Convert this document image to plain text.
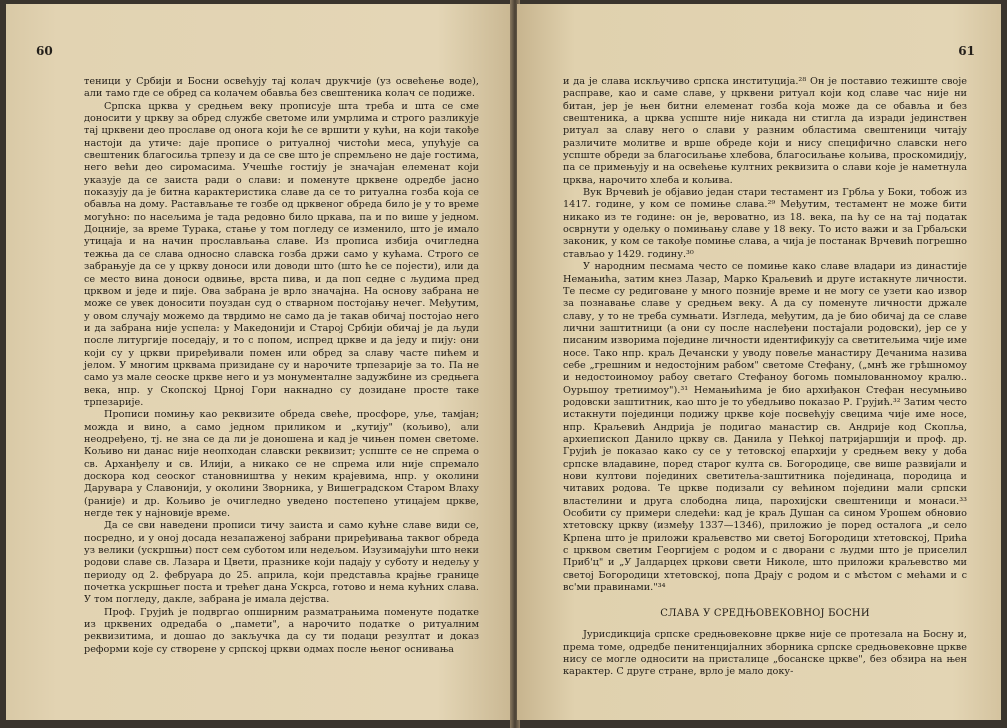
60

теници у Србији и Босни освећују тај колач друкчије (уз освећење водe), али тамо где се обред са колачем обавља без свештеника колач се подиже.

Српска црква у средњем веку прописује шта треба и шта се сме доносити у цркву за обред службе светоме или умрлима и строго разликује тај црквени део прославе од онога који ће се вршити у кући, на који такође настоји да утиче: даје прописе о ритуалној чистоћи меса, упућује са свештеник благосиља трпезу и да се све што је спремљено не даје гостима, него већи део сиромасима. Учешће гостију је значајан елеменат који указује да се заиста ради о слави: и поменуте црквене одредбе јасно показују да је битна карактеристика славе да се то ритуална гозба која се обавља на дому. Растављање те гозбе од црквеног обреда било је у то време могућно: по насељима је тада редовно било цркава, па и по више у једном. Доцније, за време Турака, стање у том погледу се изменило, што је имало утицаја и на начин прослављања славе. Из прописа избија очигледна тежња да се слава односно славска гозба држи само у кућама. Строго се забрањује да се у цркву доноси или доводи што (што ће се појести), или да се место вина доноси одвиње, врста пива, и да поп седне с људима пред црквом и једе и пије. Ова забрана је врло значајна. На основу забрана не може се увек доносити поуздан суд о стварном постојању нечег. Међутим, у овом случају можемо да тврдимо не само да је такав обичај постојао него и да забрана није успела: у Македонији и Старој Србији обичај је да људи после литургије поседају, и то с попом, испред цркве и да једу и пију: они који су у цркви приређивали помен или обред за славу часте пићем и јелом. У многим црквама призидане су и нарочите трпезарије за то. Па не само уз мале сеоске цркве него и уз монументалне задужбине из средњега века, нпр. у Скопској Црној Гори накнадно су дозидане просте таке трпезарије.

Прописи помињу као реквизите обреда свеће, просфоре, уље, тамјан; можда и вино, а само једном приликом и „кутију" (кољиво), али неодређено, тј. не зна се да ли је доношена и кад је чињен помен светоме. Кољиво ни данас није неопходан славски реквизит; успште се не спрема о св. Арханђелу и св. Илији, а никако се не спрема или није спремало доскора код сеоског становништва у неким крајевима, нпр. у околини Дарувара у Славонији, у околини Зворника, у Вишеградском Старом Влаху (раније) и др. Кољиво је очигледно уведено постепено утицајем цркве, негде тек у најновије време.

Да се сви наведени прописи тичу заиста и само кућне славе види се, посредно, и у оној досада незапаженој забрани приређивања таквог обреда уз велики (ускршњи) пост сем суботом или недељом. Изузимајући што неки родови славе св. Лазара и Цвети, празнике који падају у суботу и недељу у периоду од 2. фебруара до 25. априла, који представља крајње границе почетка ускршњег поста и трећег дана Ускрса, готово и нема кућних слава. У том погледу, дакле, забрана је имала дејства.

Проф. Грујић је подвргао опширним разматрањима поменуте податке из црквених одредаба о „памети", а нарочито податке о ритуалним реквизитима, и дошао до закључка да су ти подаци резултат и доказ реформи које су створене у српској цркви одмах после њеног оснивања

61

и да је слава искључиво српска институција.²⁸ Он је поставио тежиште своје расправе, као и саме славе, у црквени ритуал који код славе час није ни битан, јер је њен битни елеменат гозба која може да се обавља и без свештеника, а црква успште није никада ни стигла да изради јединствен ритуал за славу него о слави у разним областима свештеници читају различите молитве и врше обреде који и нису специфично славски него успште обреди за благосиљање хлебова, благосиљање кољива, проскомидију, па се примењују и на освећење култних реквизита о слави које је наметнула црква, нарочито хлеба и кољива.

Вук Врчевић је објавио један стари тестамент из Грбља у Боки, тобож из 1417. године, у ком се помиње слава.²⁹ Међутим, тестамент не може бити никако из те године: он је, вероватно, из 18. века, па ћу се на тај податак осврнути у одељку о помињању славе у 18 веку. То исто важи и за Грбаљски законик, у ком се такође помиње слава, а чија је постанак Врчевић погрешно стављао у 1429. годину.³⁰

У народним песмама често се помиње како славе владари из династије Немањића, затим кнез Лазар, Марко Краљевић и друге истакнуте личности. Те песме су редиговане у много познијe време и не могу се узети као извор за познавање славе у средњем веку. А да су поменуте личности држале славу, у то не треба сумњати. Изгледа, међутим, да је био обичај да се славе лични заштитници (а они су после наслеђени постајали родовски), јер се у писаним изворима поједине личности идентификују са светитељима чије име носе. Тако нпр. краљ Дечански у уводу повеље манастиру Дечанима назива себе „грешним и недостојним рабом" светоме Стефану, („мнѣ же грѣшномоу и недостоиномоу рабоу светаго Стефаноу богомь помылованномоу кралю.. Оурьшоу третиимоу").³¹ Немањићима је био архиђакон Стефан несумњиво родовски заштитник, као што је то убедљиво показао Р. Грујић.³² Затим често истакнути појединци подижу цркве које посвећују свецима чије име носе, нпр. Краљевић Андрија је подигао манастир св. Андрије код Скопља, архиепископ Данило цркву св. Данила у Пећкој патријаршији и проф. др. Грујић је показао како су се у тетовској епархији у средњем веку у доба српске владавине, поред старог култа св. Богородице, све више развијали и нови култови појединих светитеља-заштитника појединаца, породица и читавих родова. Те цркве подизали су већином поједини мали српски властелини и друга слободна лица, парохијски свештеници и монаси.³³ Особити су примери следећи: кад је краљ Душан са сином Урошем обновио хтетовску цркву (између 1337—1346), приложио је поред осталога „и село Крпена што је приложи краљевство ми светој Богородици хтетовској, Прића с црквом светим Георгијем с родом и с дворани с људми што је приселил Приб'ц" и „У Јалдарцех цркови свети Николе, што приложи краљевство ми светој Богородици хтетовској, попа Драју с родом и с мѣстом с мећами и с вс'ми правинами."³⁴

СЛАВА У СРЕДЊОВЕКОВНОЈ БОСНИ

Јурисдикција српске средњовековне цркве није се протезала на Босну и, према томе, одредбе пенитенцијалних зборника српске средњовековне цркве нису се могле односити на присталице „босанске цркве", без обзира на њен карактер. С друге стране, врло је мало доку-
